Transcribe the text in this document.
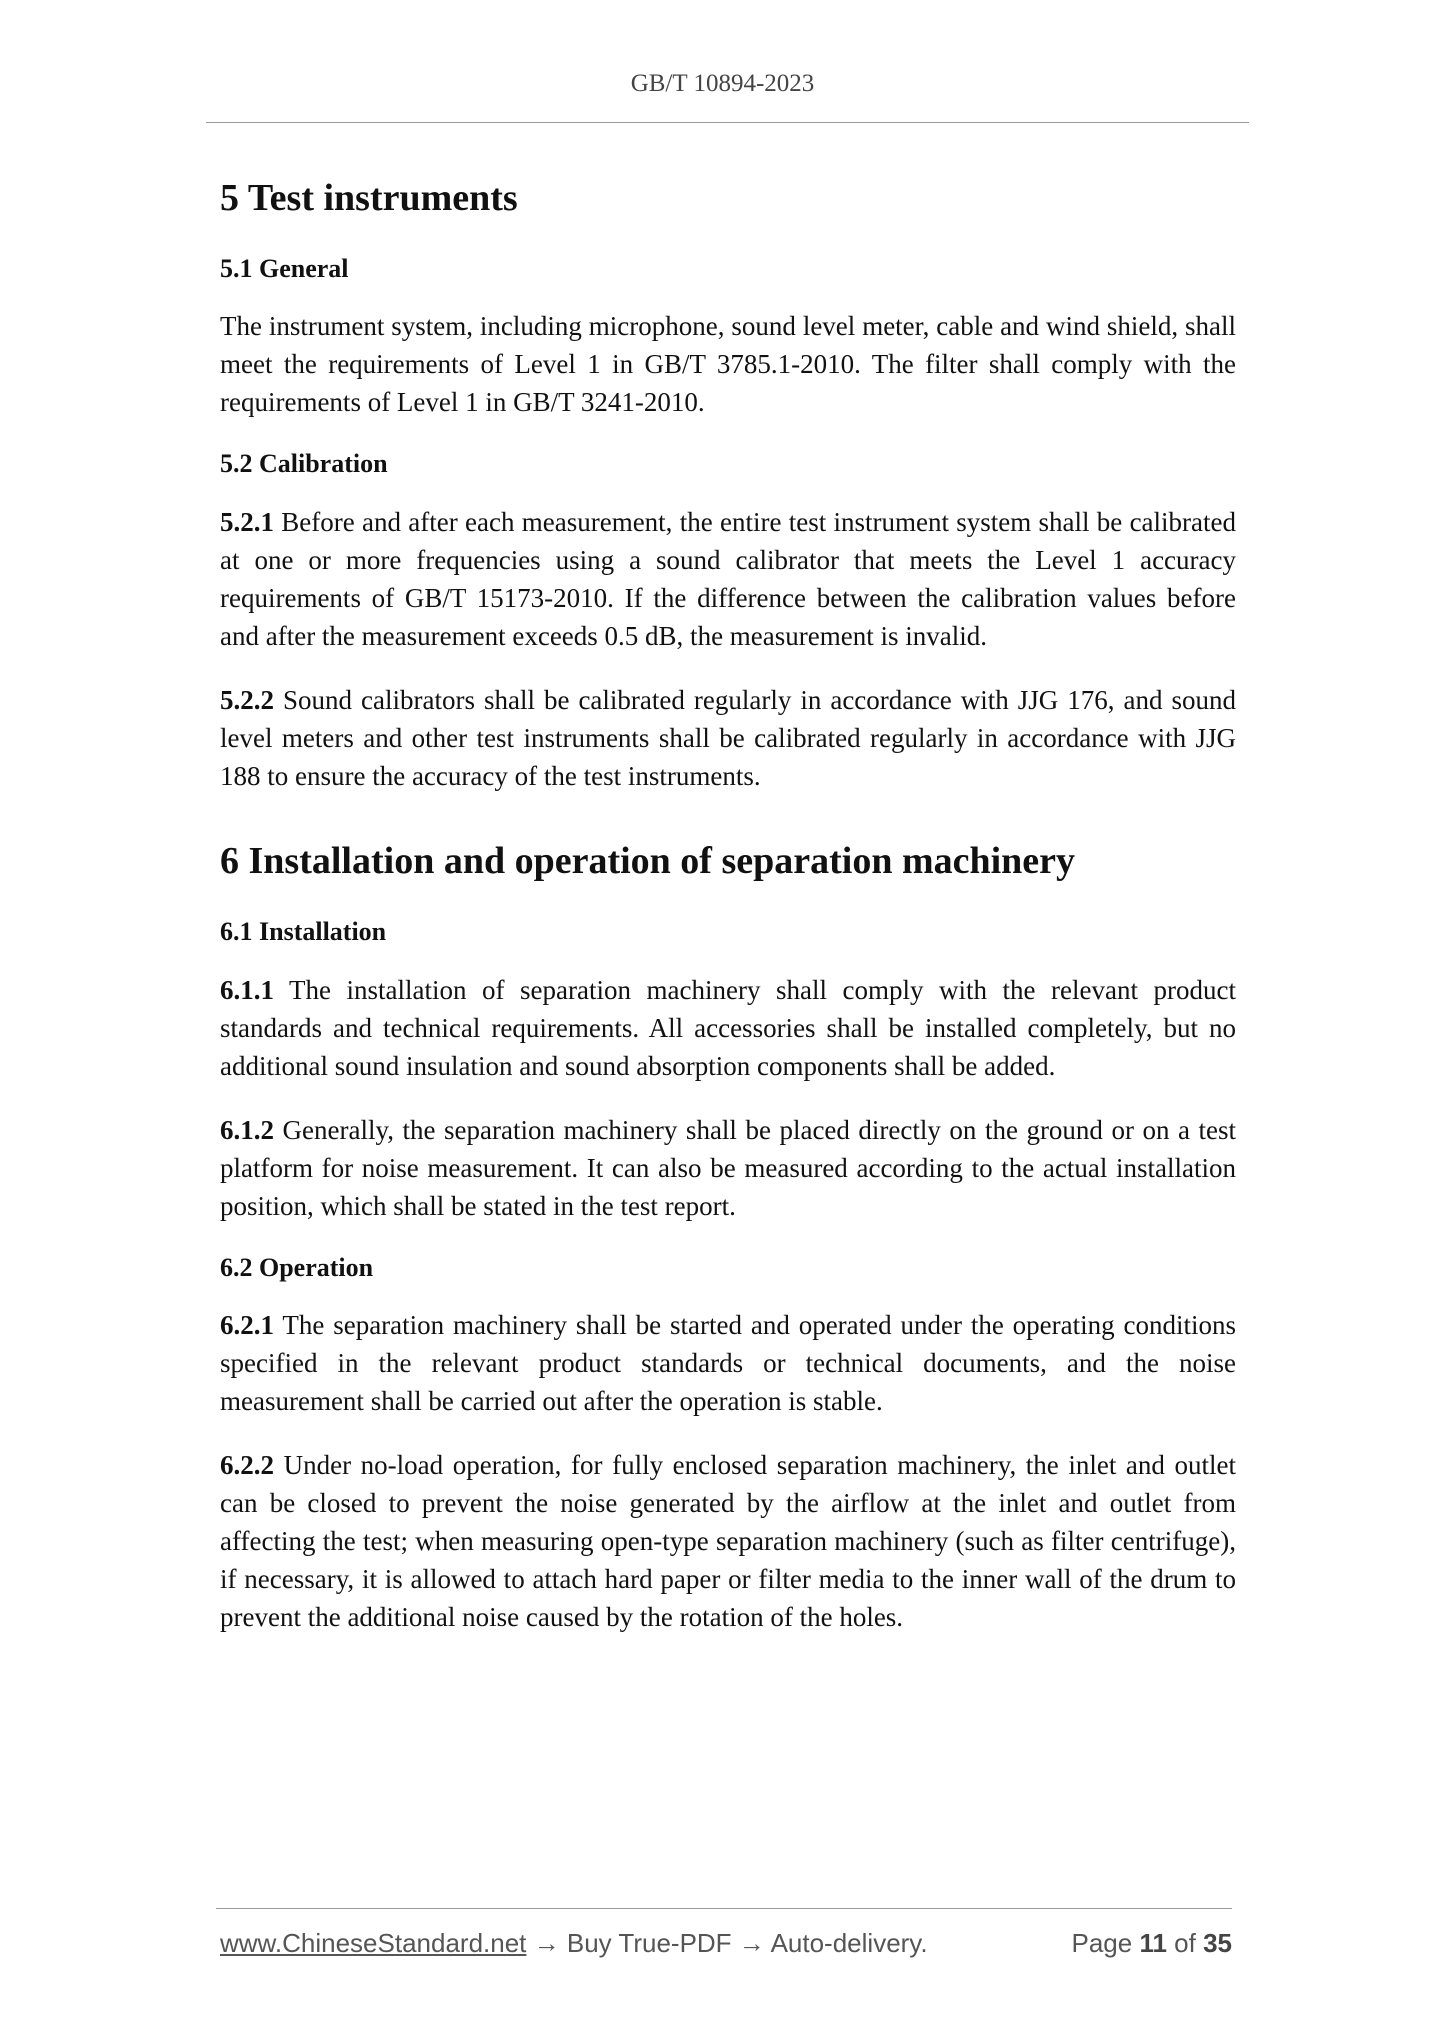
GB/T 10894-2023
5 Test instruments
5.1 General

The instrument system, including microphone, sound level meter, cable and wind shield, shall meet the requirements of Level 1 in GB/T 3785.1-2010. The filter shall comply with the requirements of Level 1 in GB/T 3241-2010.

5.2 Calibration

5.2.1 Before and after each measurement, the entire test instrument system shall be calibrated at one or more frequencies using a sound calibrator that meets the Level 1 accuracy requirements of GB/T 15173-2010. If the difference between the calibration values before and after the measurement exceeds 0.5 dB, the measurement is invalid.

5.2.2 Sound calibrators shall be calibrated regularly in accordance with JJG 176, and sound level meters and other test instruments shall be calibrated regularly in accordance with JJG 188 to ensure the accuracy of the test instruments.

6 Installation and operation of separation machinery
6.1 Installation

6.1.1 The installation of separation machinery shall comply with the relevant product standards and technical requirements. All accessories shall be installed completely, but no additional sound insulation and sound absorption components shall be added.

6.1.2 Generally, the separation machinery shall be placed directly on the ground or on a test platform for noise measurement. It can also be measured according to the actual installation position, which shall be stated in the test report.

6.2 Operation

6.2.1 The separation machinery shall be started and operated under the operating conditions specified in the relevant product standards or technical documents, and the noise measurement shall be carried out after the operation is stable.

6.2.2 Under no-load operation, for fully enclosed separation machinery, the inlet and outlet can be closed to prevent the noise generated by the airflow at the inlet and outlet from affecting the test; when measuring open-type separation machinery (such as filter centrifuge), if necessary, it is allowed to attach hard paper or filter media to the inner wall of the drum to prevent the additional noise caused by the rotation of the holes.

www.ChineseStandard.net → Buy True-PDF → Auto-delivery.	Page 11 of 35
